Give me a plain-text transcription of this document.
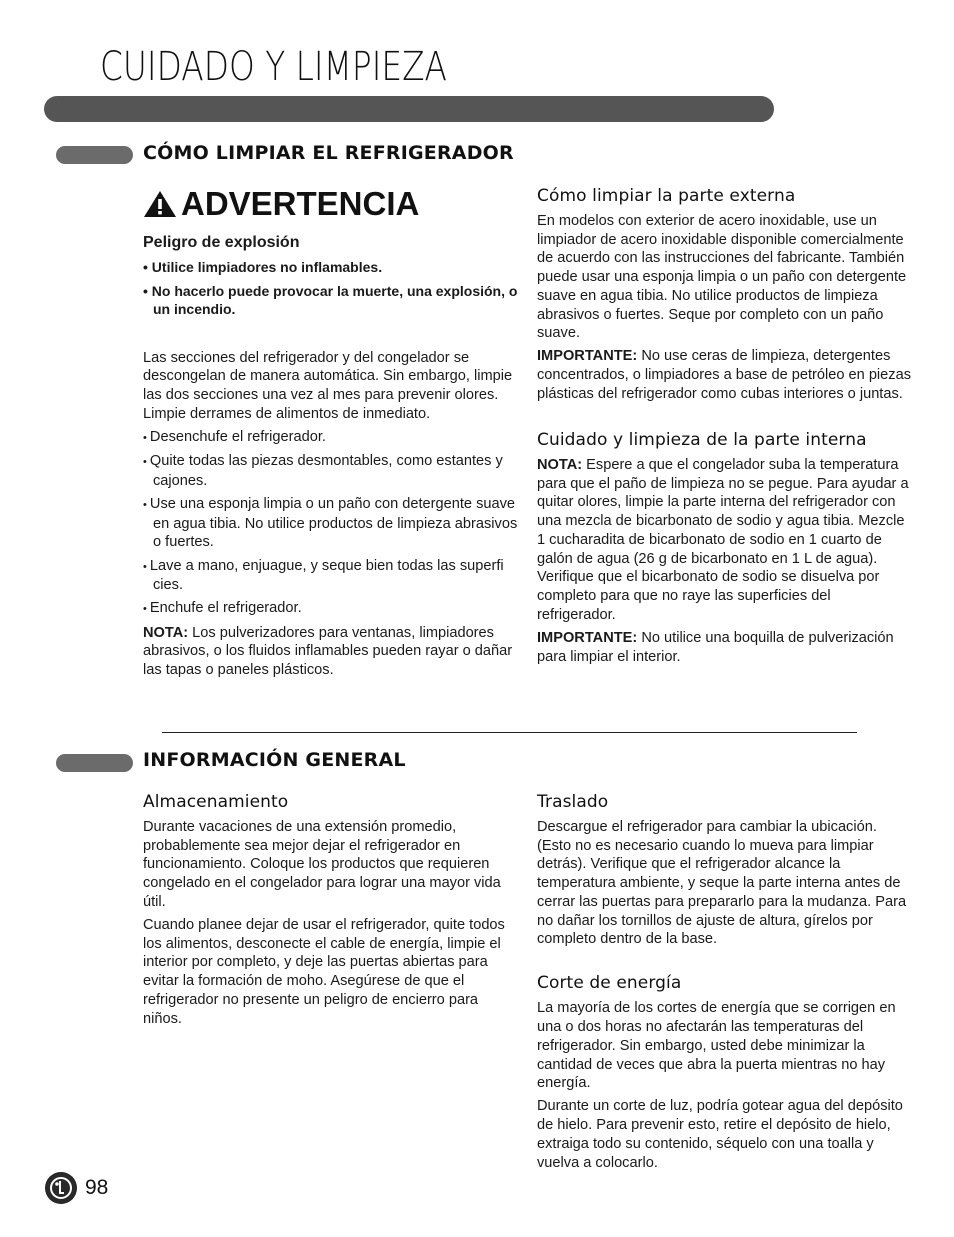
CUIDADO Y LIMPIEZA
CÓMO LIMPIAR EL REFRIGERADOR
ADVERTENCIA
Peligro de explosión
• Utilice limpiadores no inflamables.
• No hacerlo puede provocar la muerte, una explosión, o un incendio.

Las secciones del refrigerador y del congelador se descongelan de manera automática. Sin embargo, limpie las dos secciones una vez al mes para prevenir olores. Limpie derrames de alimentos de inmediato.

• Desenchufe el refrigerador.
• Quite todas las piezas desmontables, como estantes y cajones.
• Use una esponja limpia o un paño con detergente suave en agua tibia. No utilice productos de limpieza abrasivos o fuertes.
• Lave a mano, enjuague, y seque bien todas las superfi cies.
• Enchufe el refrigerador.

NOTA: Los pulverizadores para ventanas, limpiadores abrasivos, o los fluidos inflamables pueden rayar o dañar las tapas o paneles plásticos.

Cómo limpiar la parte externa

En modelos con exterior de acero inoxidable, use un limpiador de acero inoxidable disponible comercialmente de acuerdo con las instrucciones del fabricante. También puede usar una esponja limpia o un paño con detergente suave en agua tibia. No utilice productos de limpieza abrasivos o fuertes. Seque por completo con un paño suave.

IMPORTANTE: No use ceras de limpieza, detergentes concentrados, o limpiadores a base de petróleo en piezas plásticas del refrigerador como cubas interiores o juntas.

Cuidado y limpieza de la parte interna

NOTA: Espere a que el congelador suba la temperatura para que el paño de limpieza no se pegue. Para ayudar a quitar olores, limpie la parte interna del refrigerador con una mezcla de bicarbonato de sodio y agua tibia. Mezcle 1 cucharadita de bicarbonato de sodio en 1 cuarto de galón de agua (26 g de bicarbonato en 1 L de agua). Verifique que el bicarbonato de sodio se disuelva por completo para que no raye las superficies del refrigerador.

IMPORTANTE: No utilice una boquilla de pulverización para limpiar el interior.

INFORMACIÓN GENERAL
Almacenamiento

Durante vacaciones de una extensión promedio, probablemente sea mejor dejar el refrigerador en funcionamiento. Coloque los productos que requieren congelado en el congelador para lograr una mayor vida útil.

Cuando planee dejar de usar el refrigerador, quite todos los alimentos, desconecte el cable de energía, limpie el interior por completo, y deje las puertas abiertas para evitar la formación de moho. Asegúrese de que el refrigerador no presente un peligro de encierro para niños.

Traslado

Descargue el refrigerador para cambiar la ubicación. (Esto no es necesario cuando lo mueva para limpiar detrás). Verifique que el refrigerador alcance la temperatura ambiente, y seque la parte interna antes de cerrar las puertas para prepararlo para la mudanza. Para no dañar los tornillos de ajuste de altura, gírelos por completo dentro de la base.

Corte de energía

La mayoría de los cortes de energía que se corrigen en una o dos horas no afectarán las temperaturas del refrigerador. Sin embargo, usted debe minimizar la cantidad de veces que abra la puerta mientras no hay energía.

Durante un corte de luz, podría gotear agua del depósito de hielo. Para prevenir esto, retire el depósito de hielo, extraiga todo su contenido, séquelo con una toalla y vuelva a colocarlo.

98
